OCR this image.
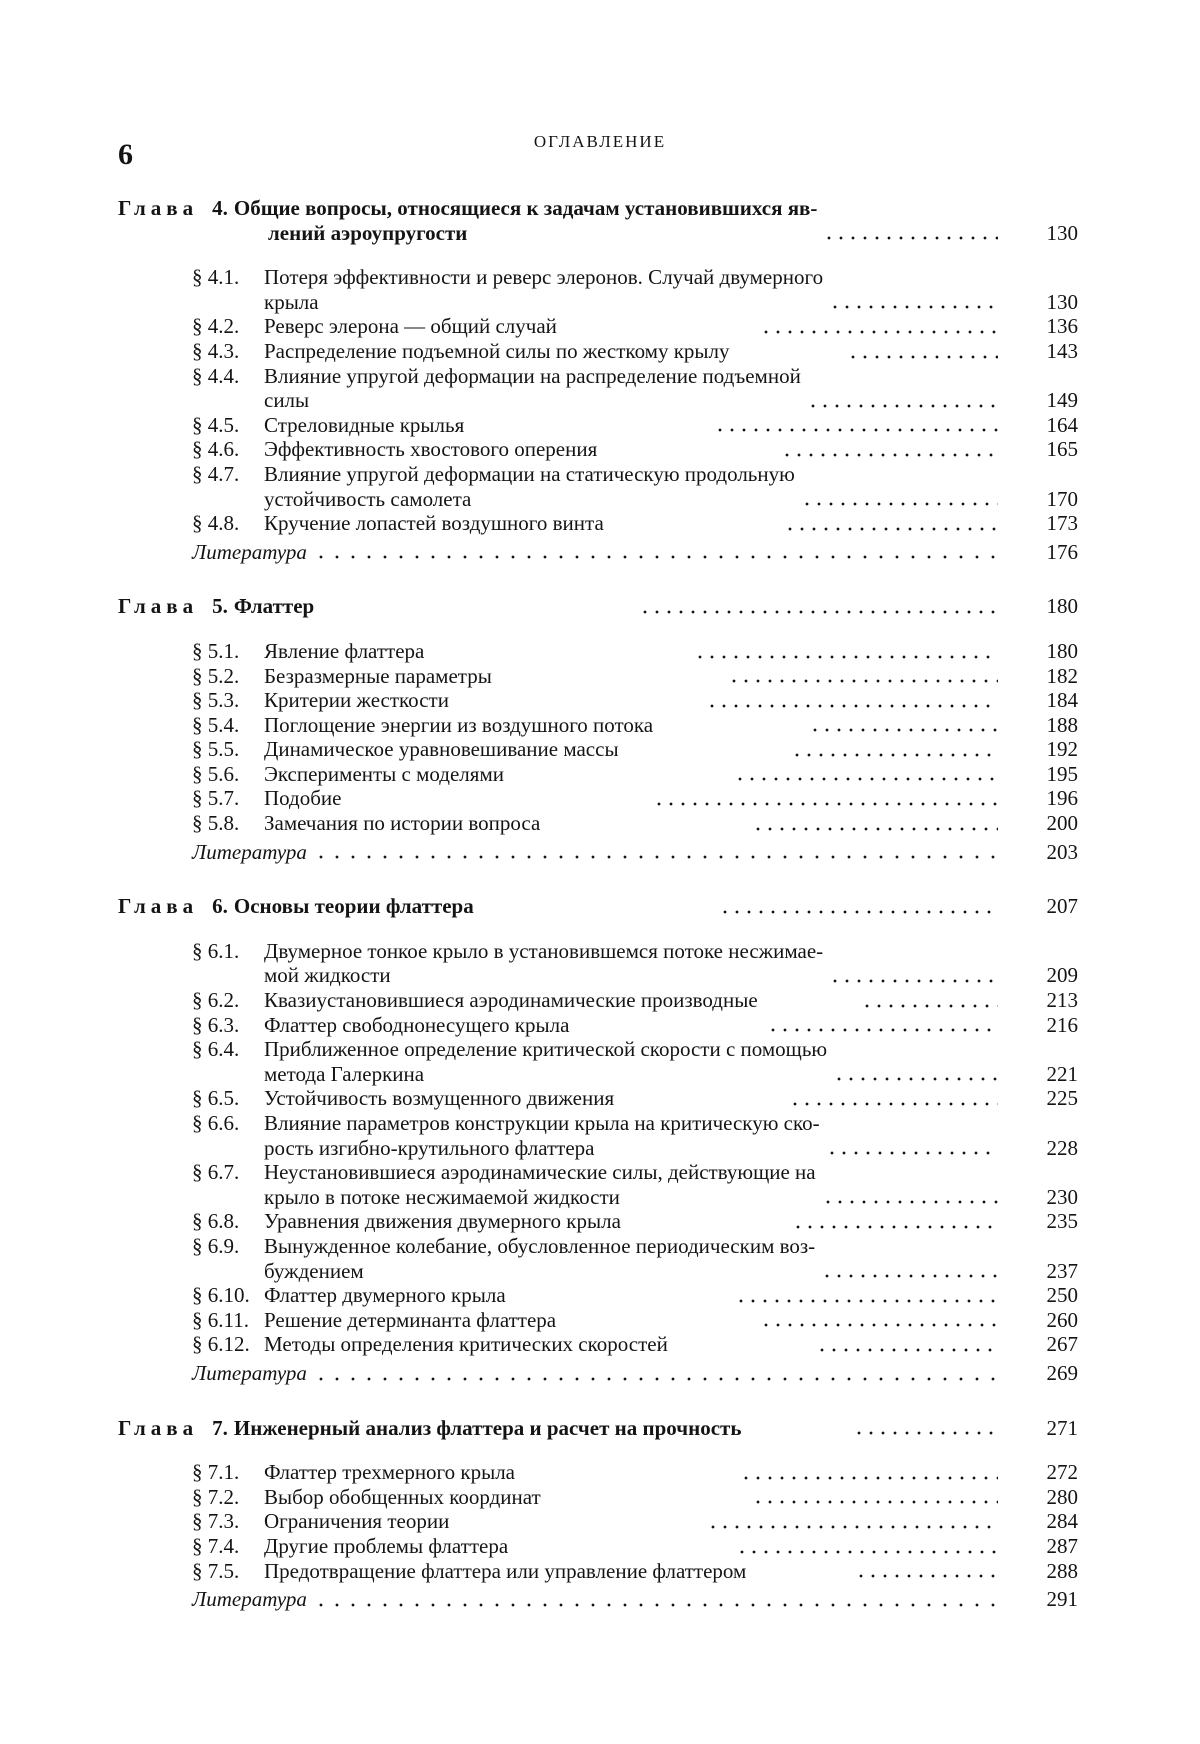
6	ОГЛАВЛЕНИЕ
Глава 4. Общие вопросы, относящиеся к задачам установившихся яв-
лений аэроупругости	130
§ 4.1. Потеря эффективности и реверс элеронов. Случай двумерного
крыла	130
§ 4.2. Реверс элерона — общий случай	136
§ 4.3. Распределение подъемной силы по жесткому крылу	143
§ 4.4. Влияние упругой деформации на распределение подъемной
силы	149
§ 4.5. Стреловидные крылья	164
§ 4.6. Эффективность хвостового оперения	165
§ 4.7. Влияние упругой деформации на статическую продольную
устойчивость самолета	170
§ 4.8. Кручение лопастей воздушного винта	173
Литература	176
Глава 5. Флаттер	180
§ 5.1. Явление флаттера	180
§ 5.2. Безразмерные параметры	182
§ 5.3. Критерии жесткости	184
§ 5.4. Поглощение энергии из воздушного потока	188
§ 5.5. Динамическое уравновешивание массы	192
§ 5.6. Эксперименты с моделями	195
§ 5.7. Подобие	196
§ 5.8. Замечания по истории вопроса	200
Литература	203
Глава 6. Основы теории флаттера	207
§ 6.1. Двумерное тонкое крыло в установившемся потоке несжимае-
мой жидкости	209
§ 6.2. Квазиустановившиеся аэродинамические производные	213
§ 6.3. Флаттер свободнонесущего крыла	216
§ 6.4. Приближенное определение критической скорости с помощью
метода Галеркина	221
§ 6.5. Устойчивость возмущенного движения	225
§ 6.6. Влияние параметров конструкции крыла на критическую ско-
рость изгибно-крутильного флаттера	228
§ 6.7. Неустановившиеся аэродинамические силы, действующие на
крыло в потоке несжимаемой жидкости	230
§ 6.8. Уравнения движения двумерного крыла	235
§ 6.9. Вынужденное колебание, обусловленное периодическим воз-
буждением	237
§ 6.10. Флаттер двумерного крыла	250
§ 6.11. Решение детерминанта флаттера	260
§ 6.12. Методы определения критических скоростей	267
Литература	269
Глава 7. Инженерный анализ флаттера и расчет на прочность	271
§ 7.1. Флаттер трехмерного крыла	272
§ 7.2. Выбор обобщенных координат	280
§ 7.3. Ограничения теории	284
§ 7.4. Другие проблемы флаттера	287
§ 7.5. Предотвращение флаттера или управление флаттером	288
Литература	291
